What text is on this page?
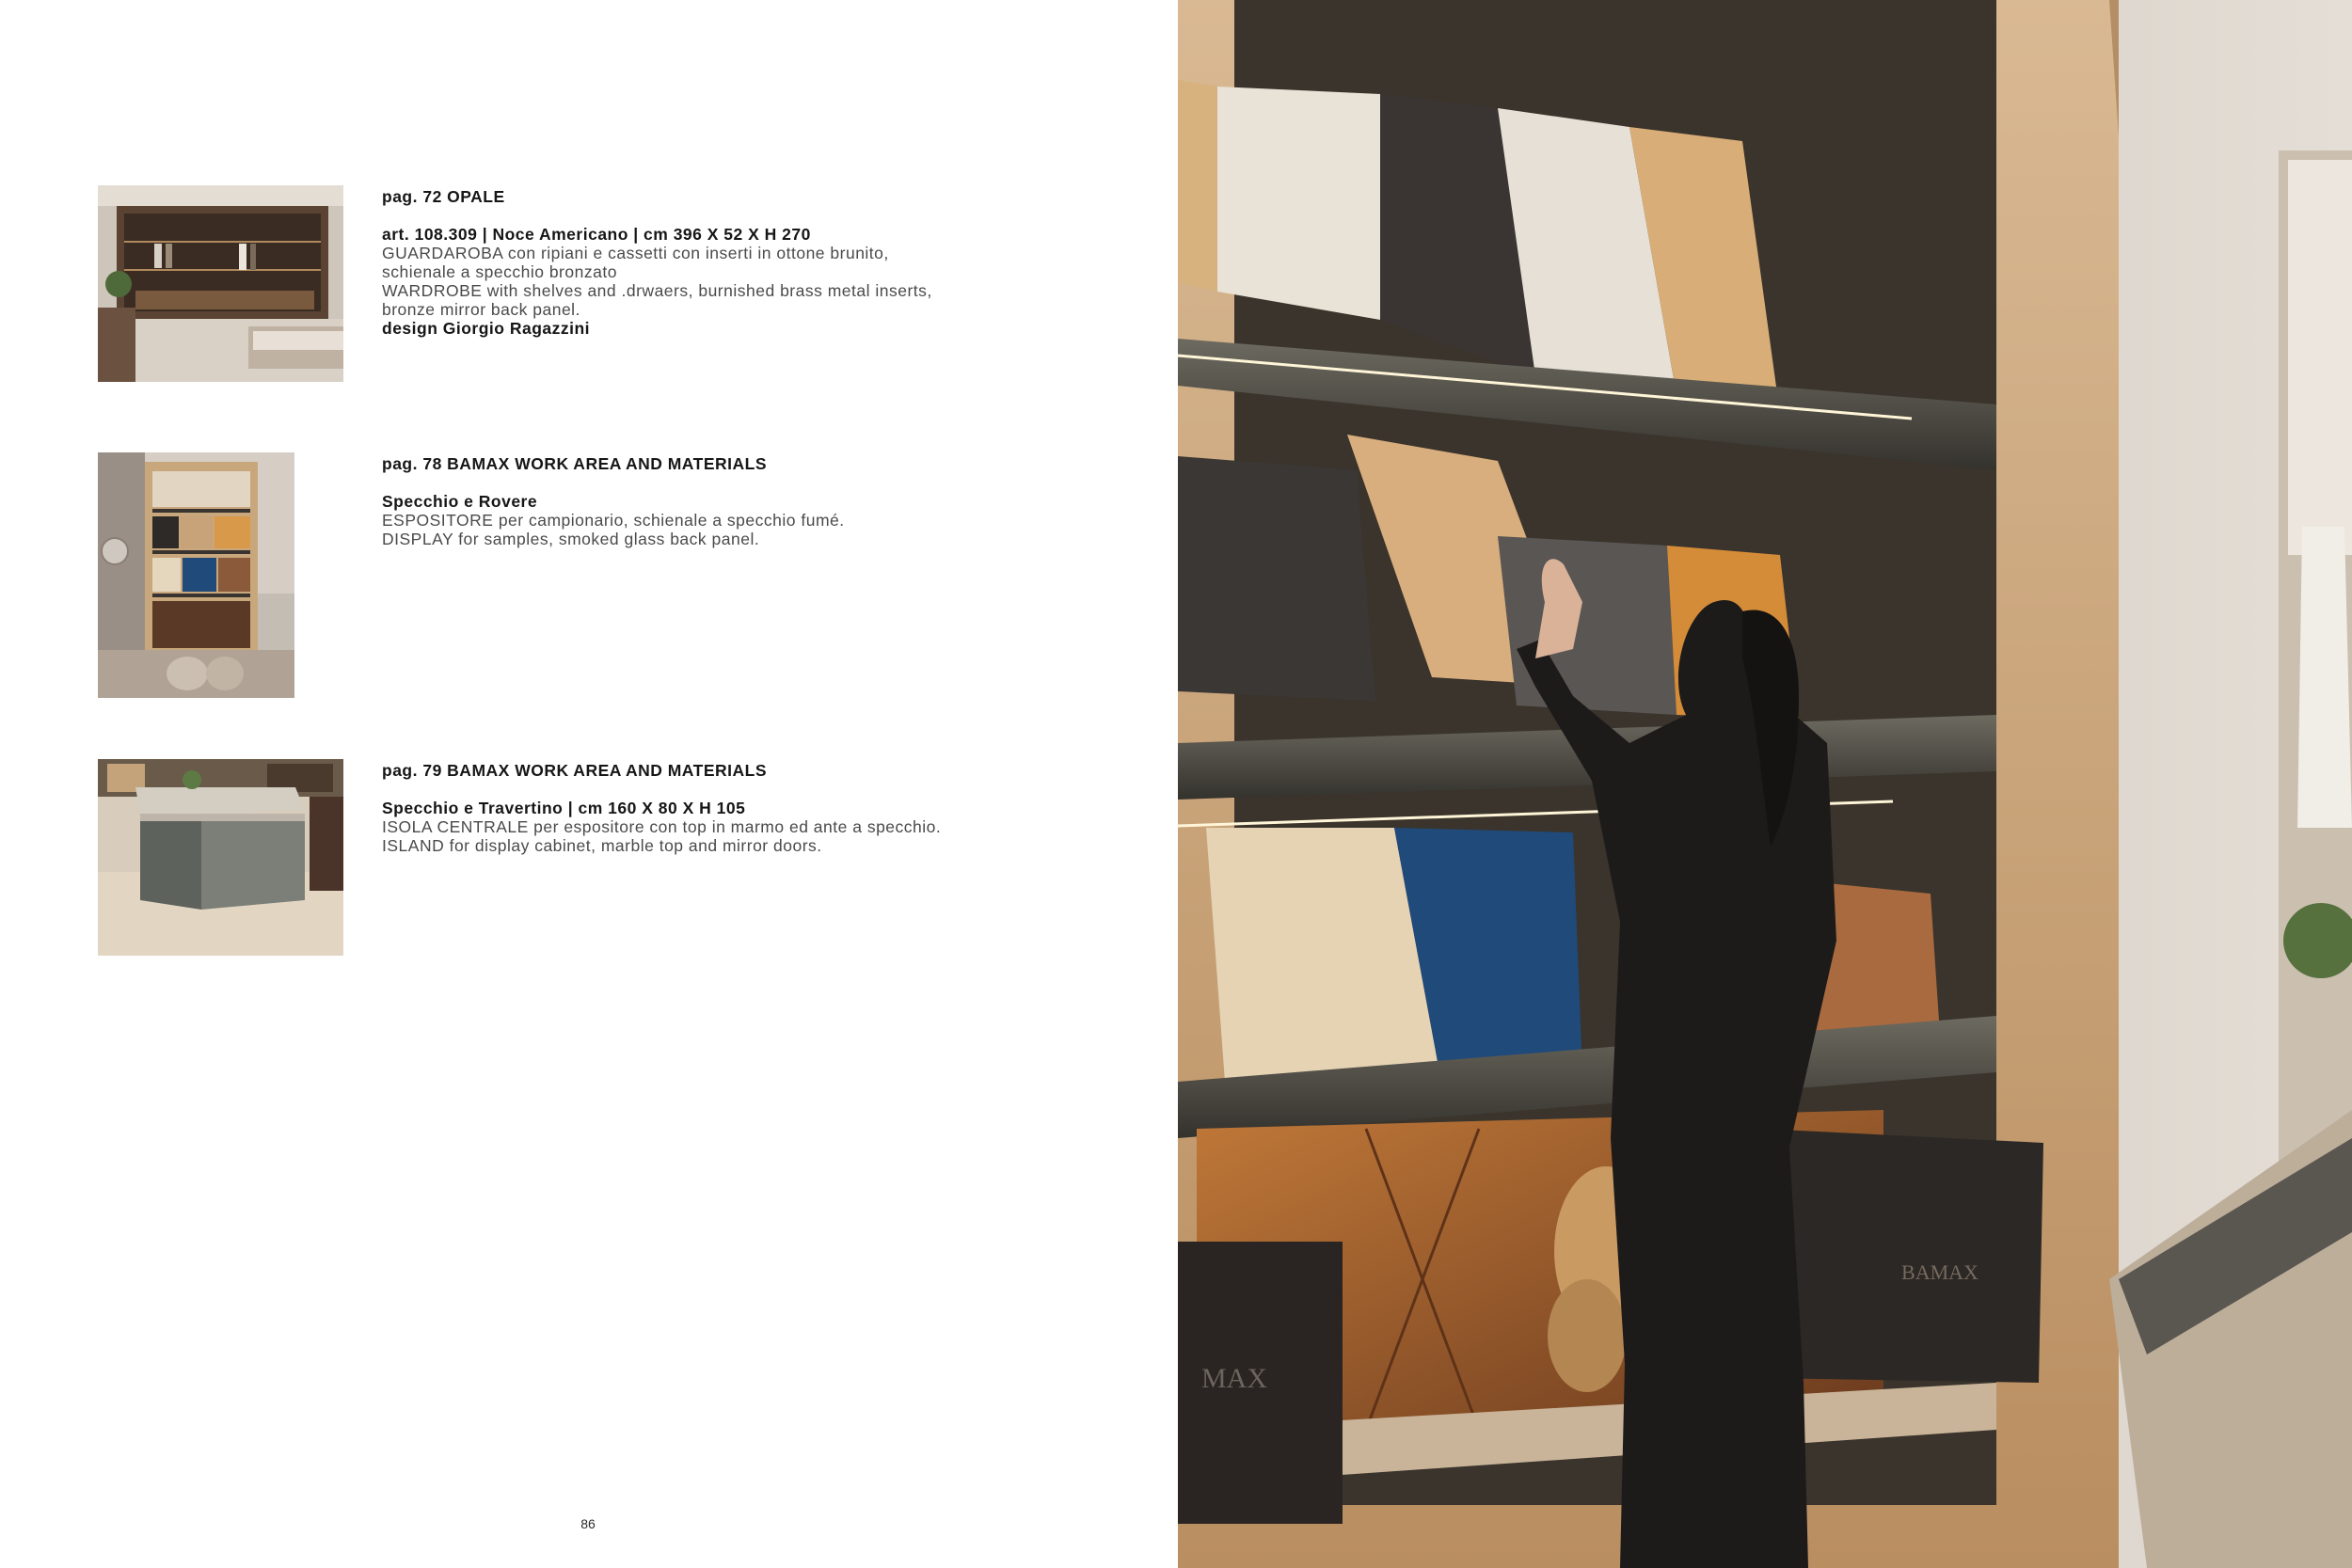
pag. 72 OPALE

art. 108.309 | Noce Americano | cm 396 X 52 X H 270

GUARDAROBA con ripiani e cassetti con inserti in ottone brunito,

schienale a specchio bronzato

WARDROBE with shelves and .drwaers, burnished brass metal inserts,

bronze mirror back panel.

design Giorgio Ragazzini

pag. 78 BAMAX WORK AREA AND MATERIALS

Specchio e Rovere

ESPOSITORE per campionario, schienale a specchio fumé.

DISPLAY for samples, smoked glass back panel.

pag. 79 BAMAX WORK AREA AND MATERIALS

Specchio e Travertino | cm 160 X 80 X H 105

ISOLA CENTRALE per espositore con top in marmo ed ante a specchio.

ISLAND for display cabinet, marble top and mirror doors.

86
MAX
BAMAX
